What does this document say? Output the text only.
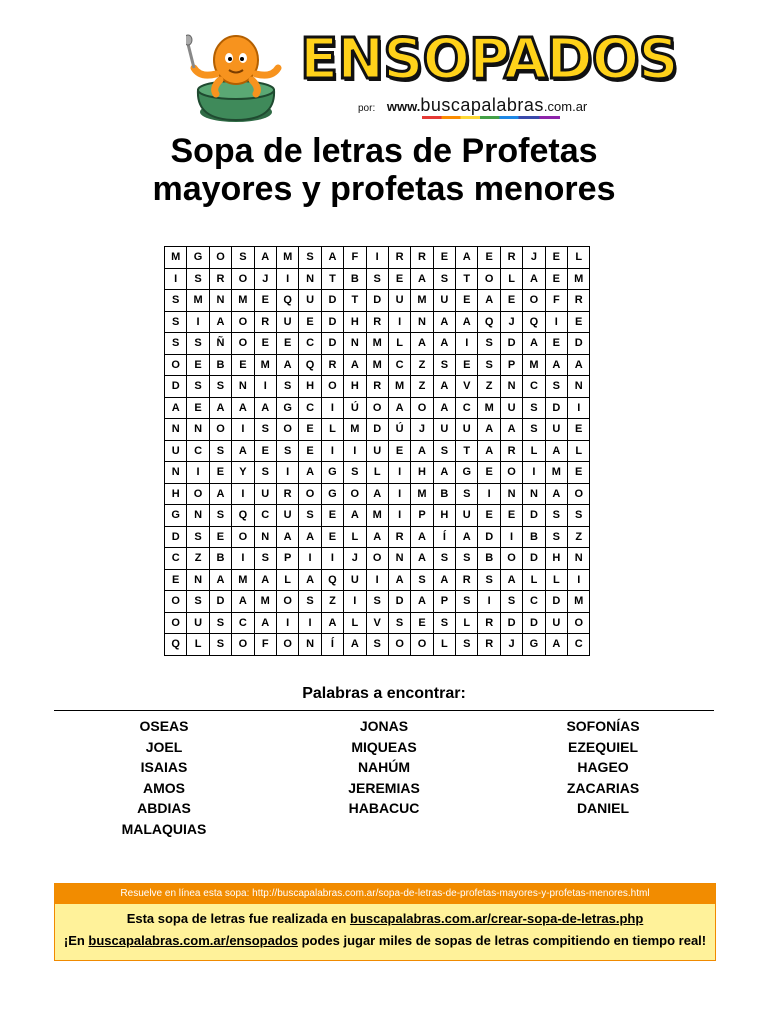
ENSOPADOS
por: www.buscapalabras.com.ar
Sopa de letras de Profetas
mayores y profetas menores
M	G	O	S	A	M	S	A	F	I	R	R	E	A	E	R	J	E	L
I	S	R	O	J	I	N	T	B	S	E	A	S	T	O	L	A	E	M
S	M	N	M	E	Q	U	D	T	D	U	M	U	E	A	E	O	F	R
S	I	A	O	R	U	E	D	H	R	I	N	A	A	Q	J	Q	I	E
S	S	Ñ	O	E	E	C	D	N	M	L	A	A	I	S	D	A	E	D
O	E	B	E	M	A	Q	R	A	M	C	Z	S	E	S	P	M	A	A
D	S	S	N	I	S	H	O	H	R	M	Z	A	V	Z	N	C	S	N
A	E	A	A	A	G	C	I	Ú	O	A	O	A	C	M	U	S	D	I
N	N	O	I	S	O	E	L	M	D	Ú	J	U	U	A	A	S	U	E
U	C	S	A	E	S	E	I	I	U	E	A	S	T	A	R	L	A	L
N	I	E	Y	S	I	A	G	S	L	I	H	A	G	E	O	I	M	E
H	O	A	I	U	R	O	G	O	A	I	M	B	S	I	N	N	A	O
G	N	S	Q	C	U	S	E	A	M	I	P	H	U	E	E	D	S	S
D	S	E	O	N	A	A	E	L	A	R	A	Í	A	D	I	B	S	Z
C	Z	B	I	S	P	I	I	J	O	N	A	S	S	B	O	D	H	N
E	N	A	M	A	L	A	Q	U	I	A	S	A	R	S	A	L	L	I
O	S	D	A	M	O	S	Z	I	S	D	A	P	S	I	S	C	D	M
O	U	S	C	A	I	I	A	L	V	S	E	S	L	R	D	D	U	O
Q	L	S	O	F	O	N	Í	A	S	O	O	L	S	R	J	G	A	C
Palabras a encontrar:
OSEAS
JOEL
ISAIAS
AMOS
ABDIAS
MALAQUIAS
JONAS
MIQUEAS
NAHÚM
JEREMIAS
HABACUC
SOFONÍAS
EZEQUIEL
HAGEO
ZACARIAS
DANIEL
Resuelve en línea esta sopa: http://buscapalabras.com.ar/sopa-de-letras-de-profetas-mayores-y-profetas-menores.html
Esta sopa de letras fue realizada en buscapalabras.com.ar/crear-sopa-de-letras.php
¡En buscapalabras.com.ar/ensopados podes jugar miles de sopas de letras compitiendo en tiempo real!
